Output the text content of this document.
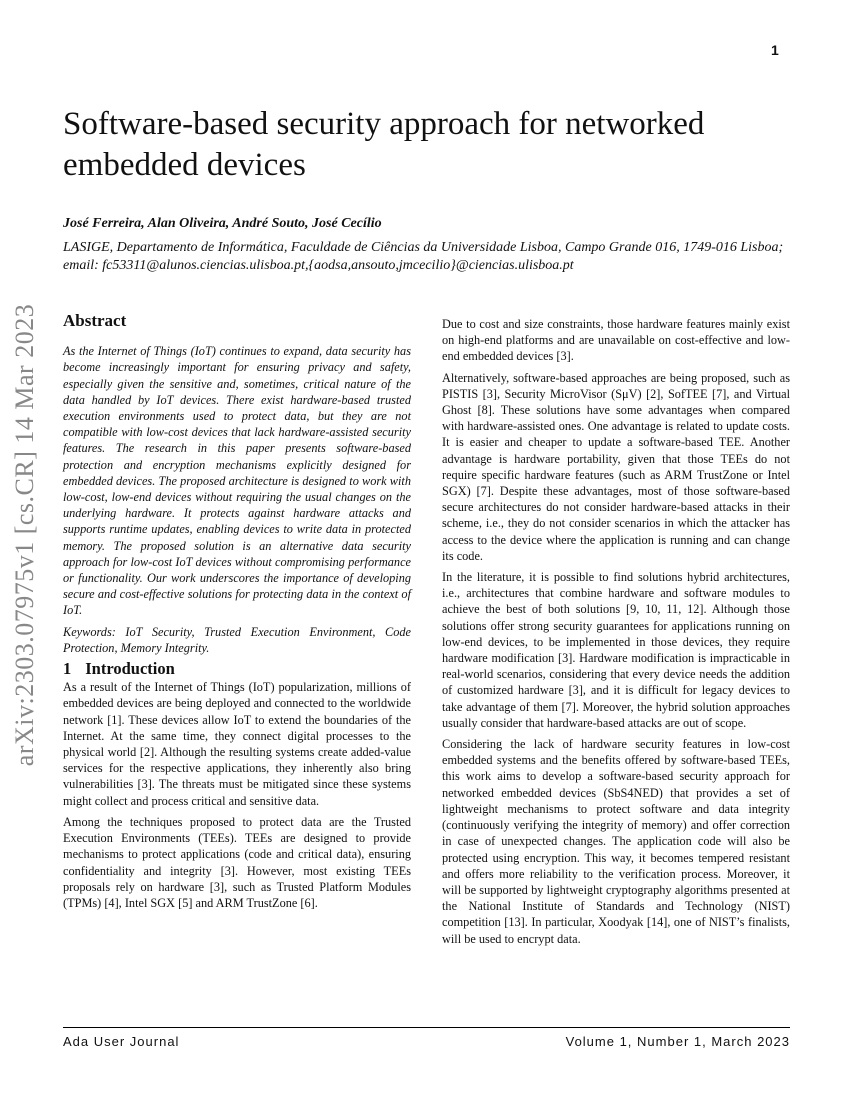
1
Software-based security approach for networked embedded devices
José Ferreira, Alan Oliveira, André Souto, José Cecílio
LASIGE, Departamento de Informática, Faculdade de Ciências da Universidade Lisboa, Campo Grande 016, 1749-016 Lisboa; email: fc53311@alunos.ciencias.ulisboa.pt,{aodsa,ansouto,jmcecilio}@ciencias.ulisboa.pt
arXiv:2303.07975v1 [cs.CR] 14 Mar 2023 Abstract

As the Internet of Things (IoT) continues to expand, data security has become increasingly important for ensuring privacy and safety, especially given the sensitive and, sometimes, critical nature of the data handled by IoT devices. There exist hardware-based trusted execution environments used to protect data, but they are not compatible with low-cost devices that lack hardware-assisted security features. The research in this paper presents software-based protection and encryption mechanisms explicitly designed for embedded devices. The proposed architecture is designed to work with low-cost, low-end devices without requiring the usual changes on the underlying hardware. It protects against hardware attacks and supports runtime updates, enabling devices to write data in protected memory. The proposed solution is an alternative data security approach for low-cost IoT devices without compromising performance or functionality. Our work underscores the importance of developing secure and cost-effective solutions for protecting data in the context of IoT.

Keywords: IoT Security, Trusted Execution Environment, Code Protection, Memory Integrity.

1 Introduction

As a result of the Internet of Things (IoT) popularization, millions of embedded devices are being deployed and connected to the worldwide network [1]. These devices allow IoT to extend the boundaries of the Internet. At the same time, they connect digital processes to the physical world [2]. Although the resulting systems create added-value services for the respective applications, they inherently also bring vulnerabilities [3]. The threats must be mitigated since these systems might collect and process critical and sensitive data.

Among the techniques proposed to protect data are the Trusted Execution Environments (TEEs). TEEs are designed to provide mechanisms to protect applications (code and critical data), ensuring confidentiality and integrity [3]. However, most existing TEEs proposals rely on hardware [3], such as Trusted Platform Modules (TPMs) [4], Intel SGX [5] and ARM TrustZone [6].

Due to cost and size constraints, those hardware features mainly exist on high-end platforms and are unavailable on cost-effective and low-end embedded devices [3].

Alternatively, software-based approaches are being proposed, such as PISTIS [3], Security MicroVisor (SμV) [2], SofTEE [7], and Virtual Ghost [8]. These solutions have some advantages when compared with hardware-assisted ones. One advantage is related to update costs. It is easier and cheaper to update a software-based TEE. Another advantage is hardware portability, given that those TEEs do not require specific hardware features (such as ARM TrustZone or Intel SGX) [7]. Despite these advantages, most of those software-based secure architectures do not consider hardware-based attacks in their scheme, i.e., they do not consider scenarios in which the attacker has access to the device where the application is running and can change its code.

In the literature, it is possible to find solutions hybrid architectures, i.e., architectures that combine hardware and software modules to achieve the best of both solutions [9, 10, 11, 12]. Although those solutions offer strong security guarantees for applications running on low-end devices, to be implemented in those devices, they require hardware modification [3]. Hardware modification is impracticable in real-world scenarios, considering that every device needs the addition of customized hardware [3], and it is difficult for legacy devices to take advantage of them [7]. Moreover, the hybrid solution approaches usually consider that hardware-based attacks are out of scope.

Considering the lack of hardware security features in low-cost embedded systems and the benefits offered by software-based TEEs, this work aims to develop a software-based security approach for networked embedded devices (SbS4NED) that provides a set of lightweight mechanisms to protect software and data integrity (continuously verifying the integrity of memory) and offer correction in case of unexpected changes. The application code will also be protected using encryption. This way, it becomes tempered resistant and offers more reliability to the verification process. Moreover, it will be supported by lightweight cryptography algorithms presented at the National Institute of Standards and Technology (NIST) competition [13]. In particular, Xoodyak [14], one of NIST’s finalists, will be used to encrypt data.

Ada User Journal	Volume 1, Number 1, March 2023
